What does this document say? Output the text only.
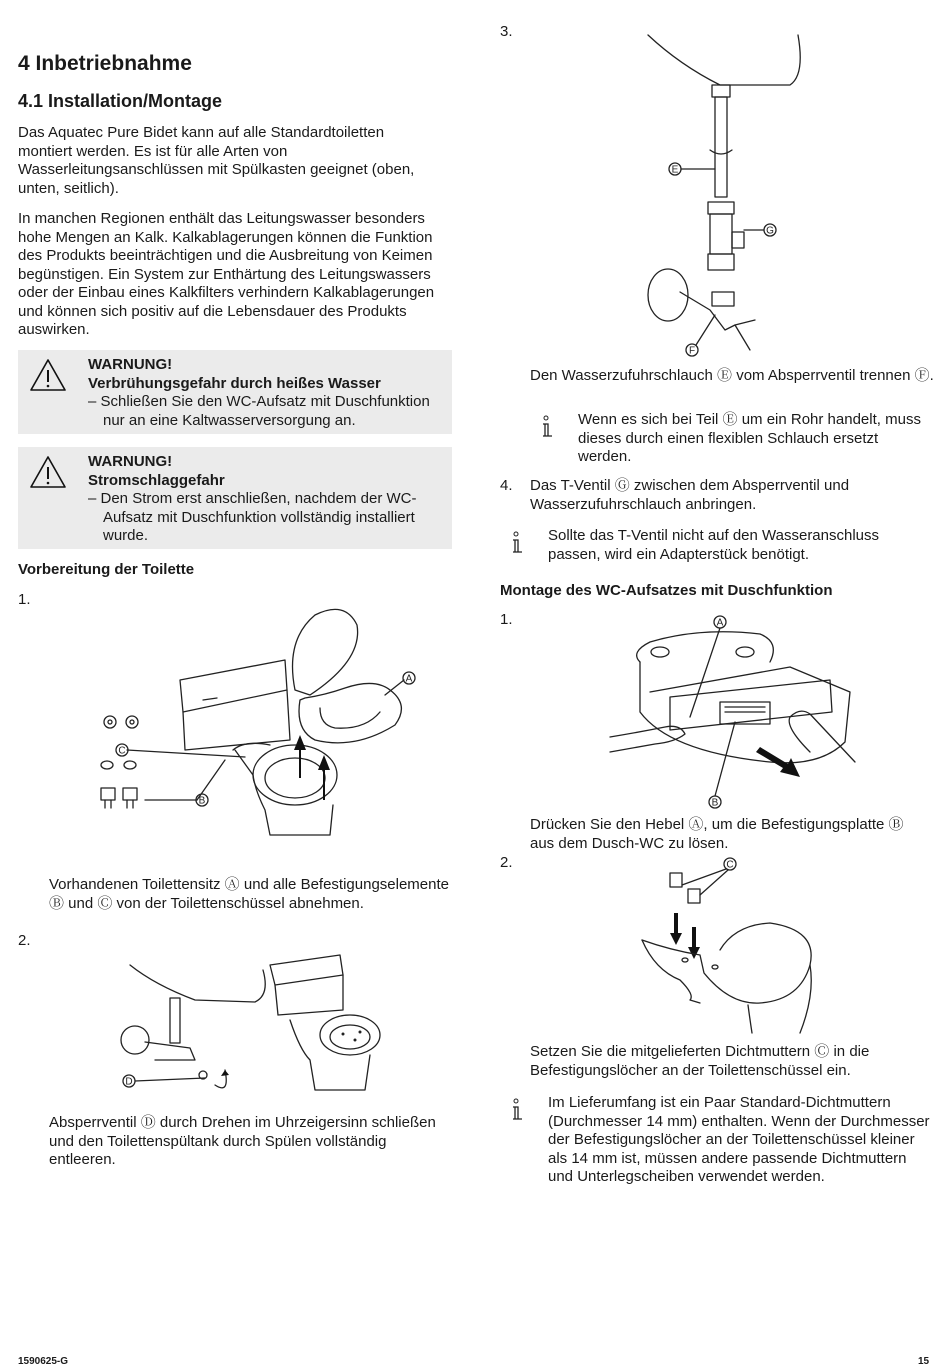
4 Inbetriebnahme
4.1 Installation/Montage
Das Aquatec Pure Bidet kann auf alle Standardtoiletten montiert werden. Es ist für alle Arten von Wasserleitungsanschlüssen mit Spülkasten geeignet (oben, unten, seitlich).
In manchen Regionen enthält das Leitungswasser besonders hohe Mengen an Kalk. Kalkablagerungen können die Funktion des Produkts beeinträchtigen und die Ausbreitung von Keimen begünstigen. Ein System zur Enthärtung des Leitungswassers oder der Einbau eines Kalkfilters verhindern Kalkablagerungen und können sich positiv auf die Lebensdauer des Produkts auswirken.
WARNUNG!
Verbrühungsgefahr durch heißes Wasser
– Schließen Sie den WC-Aufsatz mit Duschfunktion nur an eine Kaltwasserversorgung an.
WARNUNG!
Stromschlaggefahr
– Den Strom erst anschließen, nachdem der WC-Aufsatz mit Duschfunktion vollständig installiert wurde.
Vorbereitung der Toilette
1.
C
B
A
Vorhandenen Toilettensitz Ⓐ und alle Befestigungselemente Ⓑ und Ⓒ von der Toilettenschüssel abnehmen.
2.
D
Absperrventil Ⓓ durch Drehen im Uhrzeigersinn schließen und den Toilettenspültank durch Spülen vollständig entleeren.
3.
E
G
F
Den Wasserzufuhrschlauch Ⓔ vom Absperrventil trennen Ⓕ.
Wenn es sich bei Teil Ⓔ um ein Rohr handelt, muss dieses durch einen flexiblen Schlauch ersetzt werden.
4. Das T-Ventil Ⓖ zwischen dem Absperrventil und Wasserzufuhrschlauch anbringen.
Sollte das T-Ventil nicht auf den Wasseranschluss passen, wird ein Adapterstück benötigt.
Montage des WC-Aufsatzes mit Duschfunktion
1.	A
B
Drücken Sie den Hebel Ⓐ, um die Befestigungsplatte Ⓑ aus dem Dusch-WC zu lösen.
2.	C
Setzen Sie die mitgelieferten Dichtmuttern Ⓒ in die Befestigungslöcher an der Toilettenschüssel ein.
Im Lieferumfang ist ein Paar Standard-Dichtmuttern (Durchmesser 14 mm) enthalten. Wenn der Durchmesser der Befestigungslöcher an der Toilettenschüssel kleiner als 14 mm ist, müssen andere passende Dichtmuttern und Unterlegscheiben verwendet werden.
1590625-G	15
